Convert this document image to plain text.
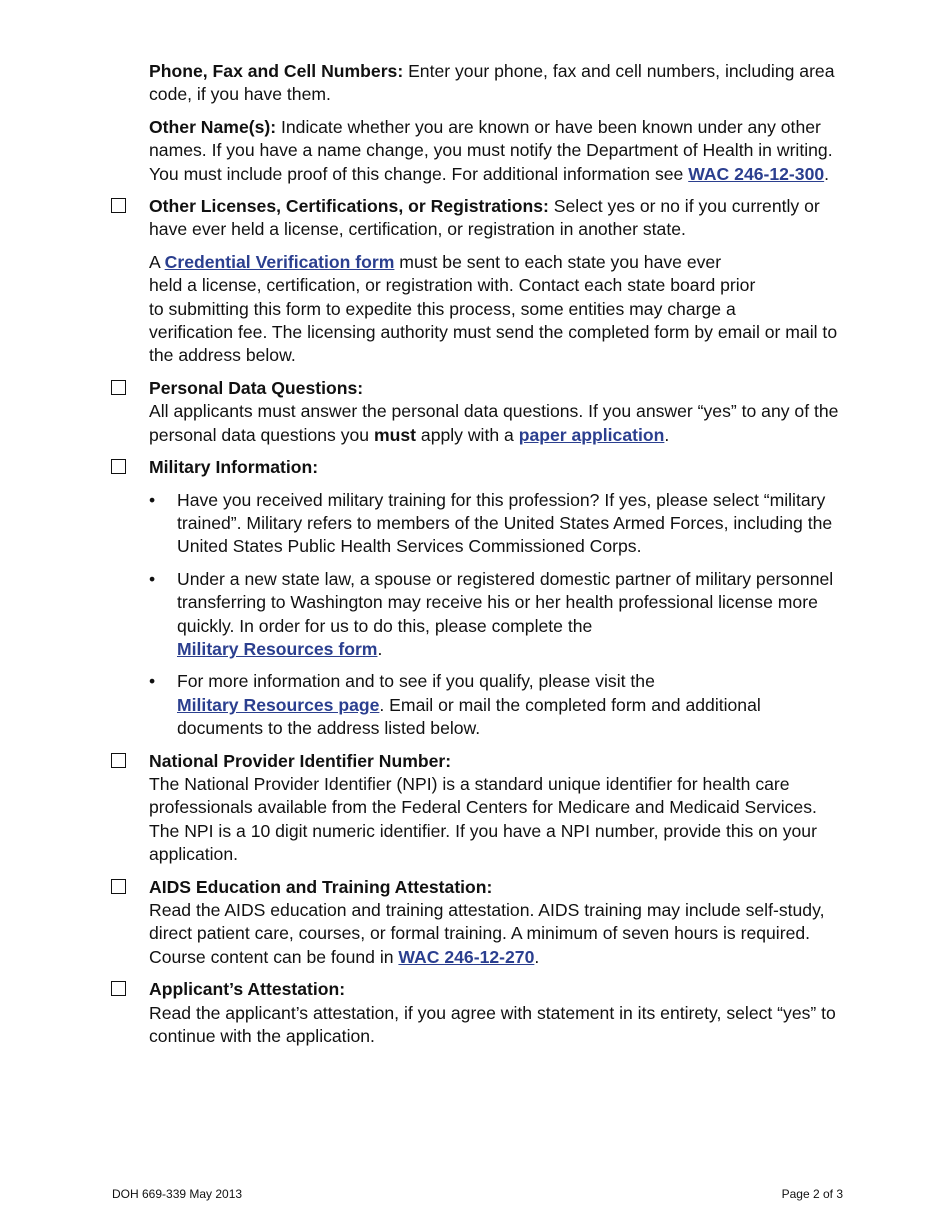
Phone, Fax and Cell Numbers: Enter your phone, fax and cell numbers, including area code, if you have them.
Other Name(s): Indicate whether you are known or have been known under any other names. If you have a name change, you must notify the Department of Health in writing. You must include proof of this change. For additional information see WAC 246-12-300.
Other Licenses, Certifications, or Registrations: Select yes or no if you currently or have ever held a license, certification, or registration in another state.
A Credential Verification form must be sent to each state you have ever
held a license, certification, or registration with. Contact each state board prior
to submitting this form to expedite this process, some entities may charge a
verification fee. The licensing authority must send the completed form by email or mail to the address below.
Personal Data Questions:
All applicants must answer the personal data questions. If you answer “yes” to any of the personal data questions you must apply with a paper application.
Military Information:
• Have you received military training for this profession? If yes, please select “military trained”. Military refers to members of the United States Armed Forces, including the United States Public Health Services Commissioned Corps.
• Under a new state law, a spouse or registered domestic partner of military personnel transferring to Washington may receive his or her health professional license more quickly. In order for us to do this, please complete the
Military Resources form.
• For more information and to see if you qualify, please visit the
Military Resources page. Email or mail the completed form and additional documents to the address listed below.
National Provider Identifier Number:
The National Provider Identifier (NPI) is a standard unique identifier for health care professionals available from the Federal Centers for Medicare and Medicaid Services. The NPI is a 10 digit numeric identifier. If you have a NPI number, provide this on your application.
AIDS Education and Training Attestation:
Read the AIDS education and training attestation. AIDS training may include self-study, direct patient care, courses, or formal training. A minimum of seven hours is required. Course content can be found in WAC 246-12-270.
Applicant’s Attestation:
Read the applicant’s attestation, if you agree with statement in its entirety, select “yes” to continue with the application.
DOH 669-339 May 2013	Page 2 of 3
